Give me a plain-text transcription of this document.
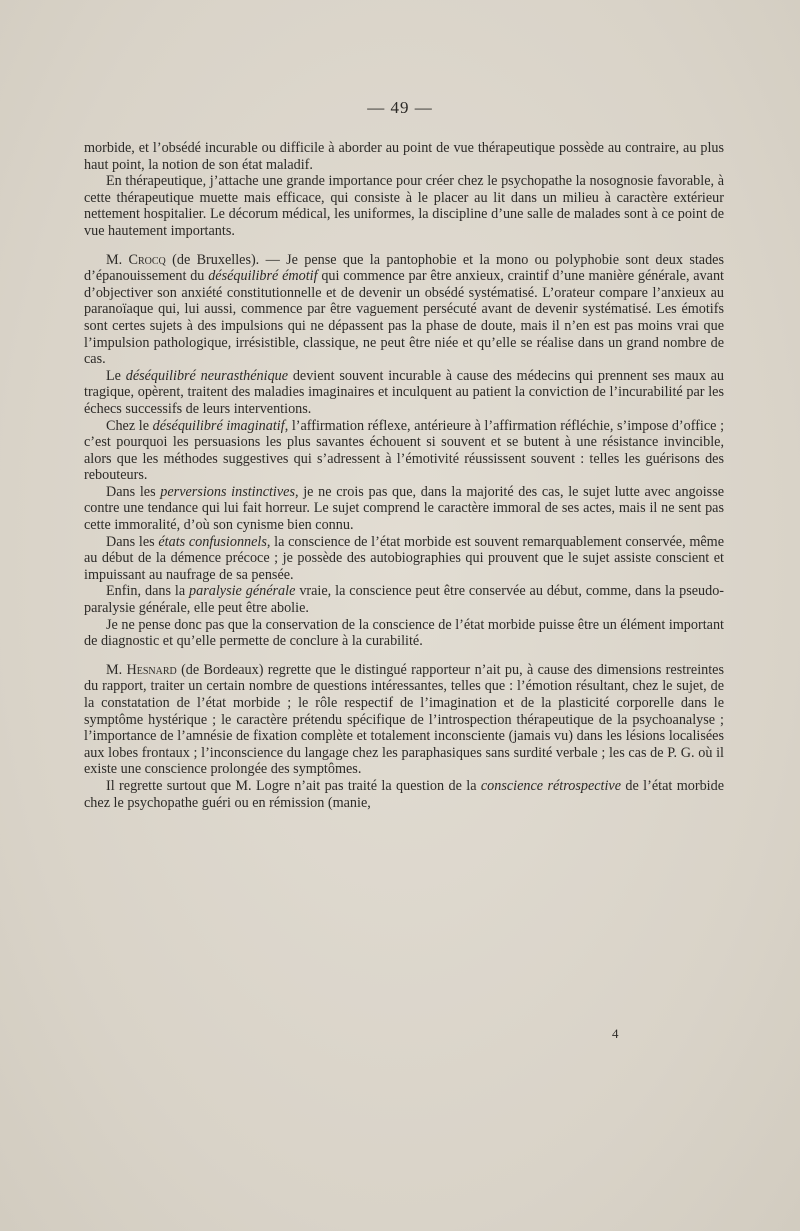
— 49 —

morbide, et l’obsédé incurable ou difficile à aborder au point de vue thérapeutique possède au contraire, au plus haut point, la notion de son état maladif.

En thérapeutique, j’attache une grande importance pour créer chez le psychopathe la nosognosie favorable, à cette thérapeutique muette mais efficace, qui consiste à le placer au lit dans un milieu à caractère extérieur nettement hospitalier. Le décorum médical, les uniformes, la discipline d’une salle de malades sont à ce point de vue hautement importants.

M. Crocq (de Bruxelles). — Je pense que la pantophobie et la mono ou polyphobie sont deux stades d’épanouissement du déséquilibré émotif qui commence par être anxieux, craintif d’une manière générale, avant d’objectiver son anxiété constitutionnelle et de devenir un obsédé systématisé. L’orateur compare l’anxieux au paranoïaque qui, lui aussi, commence par être vaguement persécuté avant de devenir systématisé. Les émotifs sont certes sujets à des impulsions qui ne dépassent pas la phase de doute, mais il n’en est pas moins vrai que l’impulsion pathologique, irrésistible, classique, ne peut être niée et qu’elle se réalise dans un grand nombre de cas.

Le déséquilibré neurasthénique devient souvent incurable à cause des médecins qui prennent ses maux au tragique, opèrent, traitent des maladies imaginaires et inculquent au patient la conviction de l’incurabilité par les échecs successifs de leurs interventions.

Chez le déséquilibré imaginatif, l’affirmation réflexe, antérieure à l’affirmation réfléchie, s’impose d’office ; c’est pourquoi les persuasions les plus savantes échouent si souvent et se butent à une résistance invincible, alors que les méthodes suggestives qui s’adressent à l’émotivité réussissent souvent : telles les guérisons des rebouteurs.

Dans les perversions instinctives, je ne crois pas que, dans la majorité des cas, le sujet lutte avec angoisse contre une tendance qui lui fait horreur. Le sujet comprend le caractère immoral de ses actes, mais il ne sent pas cette immoralité, d’où son cynisme bien connu.

Dans les états confusionnels, la conscience de l’état morbide est souvent remarquablement conservée, même au début de la démence précoce ; je possède des autobiographies qui prouvent que le sujet assiste conscient et impuissant au naufrage de sa pensée.

Enfin, dans la paralysie générale vraie, la conscience peut être conservée au début, comme, dans la pseudo-paralysie générale, elle peut être abolie.

Je ne pense donc pas que la conservation de la conscience de l’état morbide puisse être un élément important de diagnostic et qu’elle permette de conclure à la curabilité.

M. Hesnard (de Bordeaux) regrette que le distingué rapporteur n’ait pu, à cause des dimensions restreintes du rapport, traiter un certain nombre de questions intéressantes, telles que : l’émotion résultant, chez le sujet, de la constatation de l’état morbide ; le rôle respectif de l’imagination et de la plasticité corporelle dans le symptôme hystérique ; le caractère prétendu spécifique de l’introspection thérapeutique de la psychoanalyse ; l’importance de l’amnésie de fixation complète et totalement inconsciente (jamais vu) dans les lésions localisées aux lobes frontaux ; l’inconscience du langage chez les paraphasiques sans surdité verbale ; les cas de P. G. où il existe une conscience prolongée des symptômes.

Il regrette surtout que M. Logre n’ait pas traité la question de la conscience rétrospective de l’état morbide chez le psychopathe guéri ou en rémission (manie,

4
